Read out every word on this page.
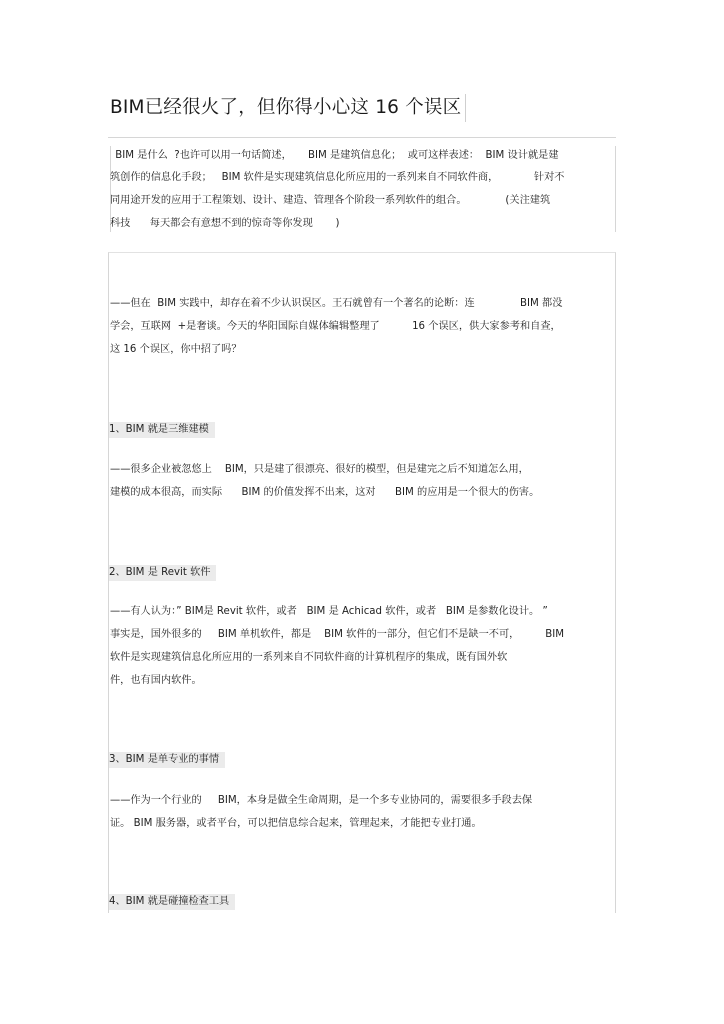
BIM已经很火了，但你得小心这 16 个误区
BIM 是什么  ?也许可以用一句话简述，     BIM 是建筑信息化；  或可这样表述：  BIM 设计就是建
筑创作的信息化手段；   BIM 软件是实现建筑信息化所应用的一系列来自不同软件商，           针对不
同用途开发的应用于工程策划、设计、建造、管理各个阶段一系列软件的组合。            (关注建筑
科技      每天都会有意想不到的惊奇等你发现       )
——但在  BIM 实践中，却存在着不少认识误区。王石就曾有一个著名的论断：连              BIM 都没
学会，互联网  +是奢谈。今天的华阳国际自媒体编辑整理了          16 个误区，供大家参考和自查，
这 16 个误区，你中招了吗？
1、BIM 就是三维建模
——很多企业被忽悠上    BIM，只是建了很漂亮、很好的模型，但是建完之后不知道怎么用，
建模的成本很高，而实际      BIM 的价值发挥不出来，这对      BIM 的应用是一个很大的伤害。
2、BIM 是 Revit 软件
——有人认为：” BIM是 Revit 软件，或者   BIM 是 Achicad 软件，或者   BIM 是参数化设计。 ”
事实是，国外很多的     BIM 单机软件，都是    BIM 软件的一部分，但它们不是缺一不可，        BIM
软件是实现建筑信息化所应用的一系列来自不同软件商的计算机程序的集成，既有国外软
件，也有国内软件。
3、BIM 是单专业的事情
——作为一个行业的     BIM，本身是做全生命周期，是一个多专业协同的，需要很多手段去保
证。 BIM 服务器，或者平台，可以把信息综合起来，管理起来，才能把专业打通。
4、BIM 就是碰撞检查工具
